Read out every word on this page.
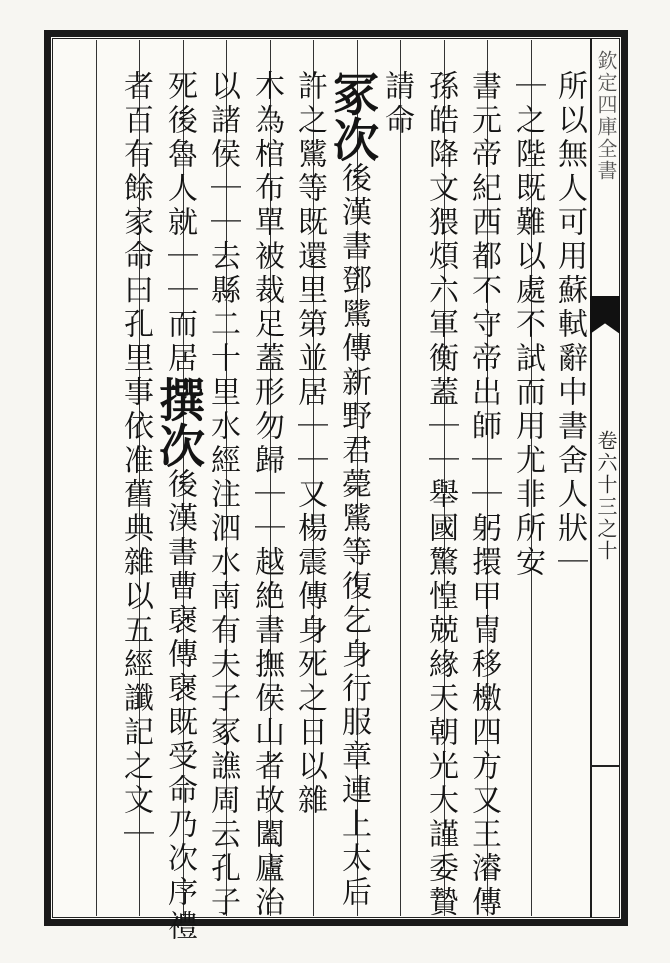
欽定四庫全書
卷六十三之十
所以無人可用蘇軾辭中書舍人狀｜
｜之陛既難以處不試而用尤非所安
書元帝紀西都不守帝出師｜｜躬擐甲冑移檄四方又王濬傳
孫皓降文猥煩六軍衡蓋｜｜舉國驚惶兢緣天朝光大謹委贄
請命
冢次後漢書鄧騭傳新野君薨騭等復乞身行服章連上太后
許之騭等既還里第並居｜｜又楊震傳身死之日以雜
木為棺布單被裁足蓋形勿歸｜｜越絶書撫侯山者故闔廬治
以諸侯｜｜去縣二十里水經注泗水南有夫子冢譙周云孔子
死後魯人就｜｜而居撰次後漢書曹襃傳襃既受命乃次序禮
者百有餘家命曰孔里事依准舊典雜以五經讖記之文｜
